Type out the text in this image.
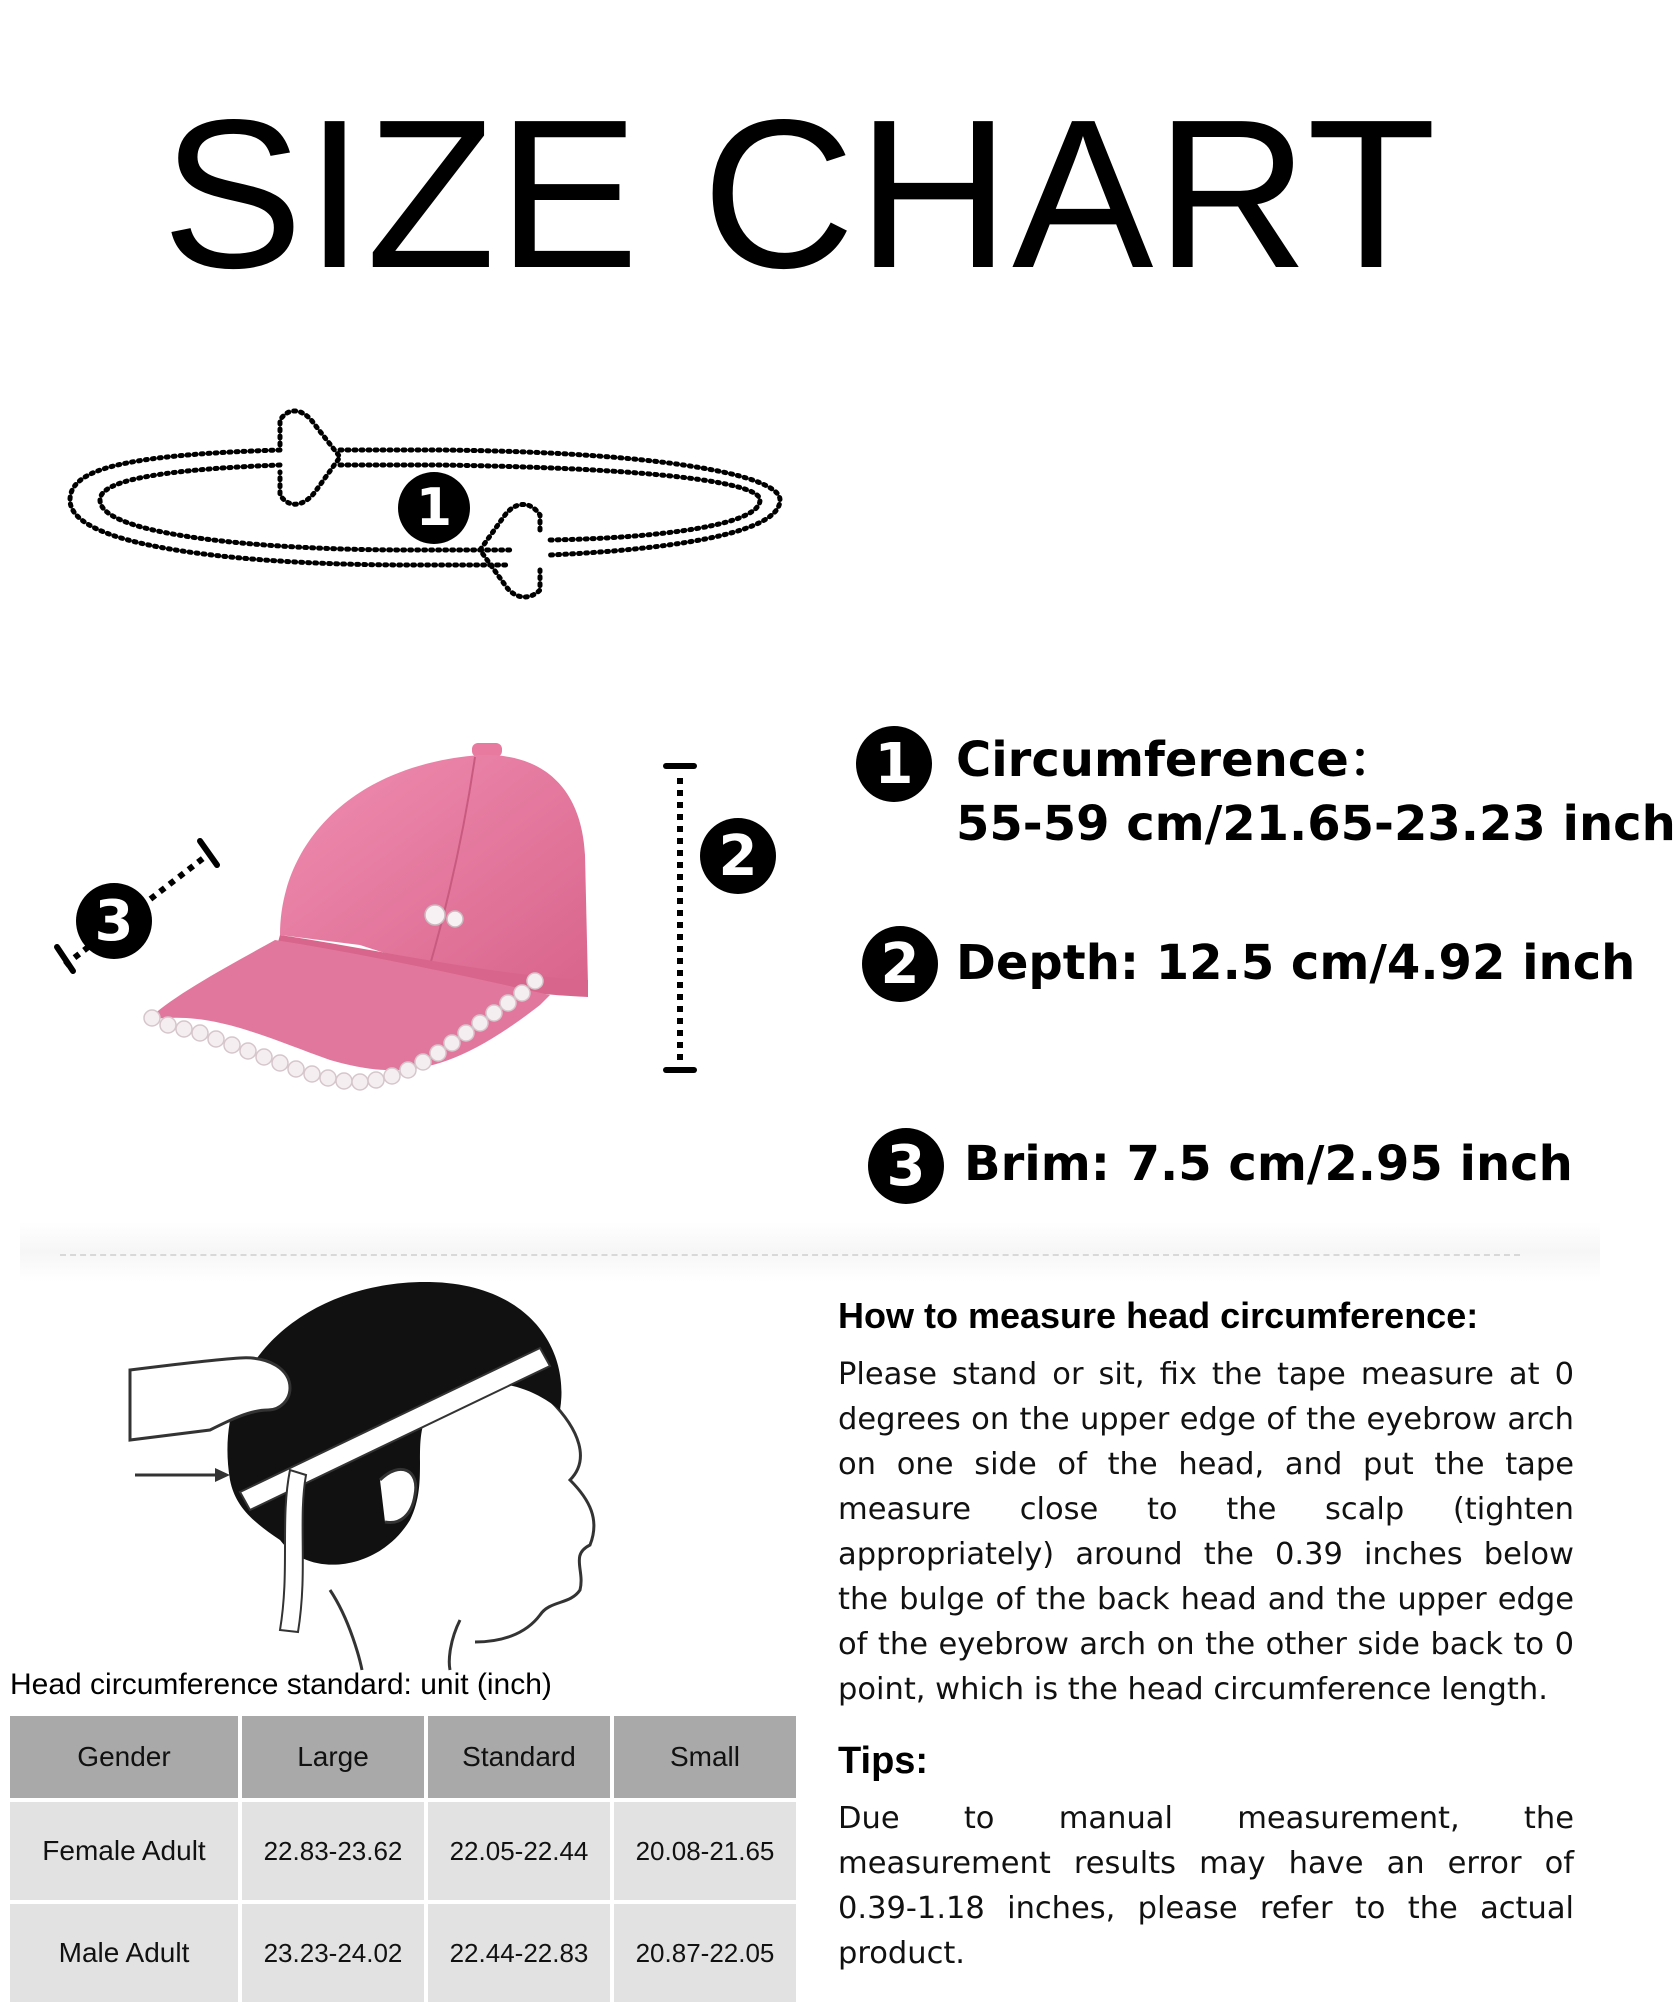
SIZE CHART
1
2
3
1 Circumference：
55-59 cm/21.65-23.23 inch
2 Depth: 12.5 cm/4.92 inch
3 Brim: 7.5 cm/2.95 inch
How to measure head circumference:
Please stand or sit, fix the tape measure at 0 degrees on the upper edge of the eyebrow arch on one side of the head, and put the tape measure close to the scalp (tighten appropriately) around the 0.39 inches below the bulge of the back head and the upper edge of the eyebrow arch on the other side back to 0 point, which is the head circumference length.
Tips:
Due to manual measurement, the measurement results may have an error of 0.39-1.18 inches, please refer to the actual product.
Head circumference standard: unit (inch)
Gender	Large	Standard	Small
Female Adult	22.83-23.62	22.05-22.44	20.08-21.65
Male Adult	23.23-24.02	22.44-22.83	20.87-22.05
